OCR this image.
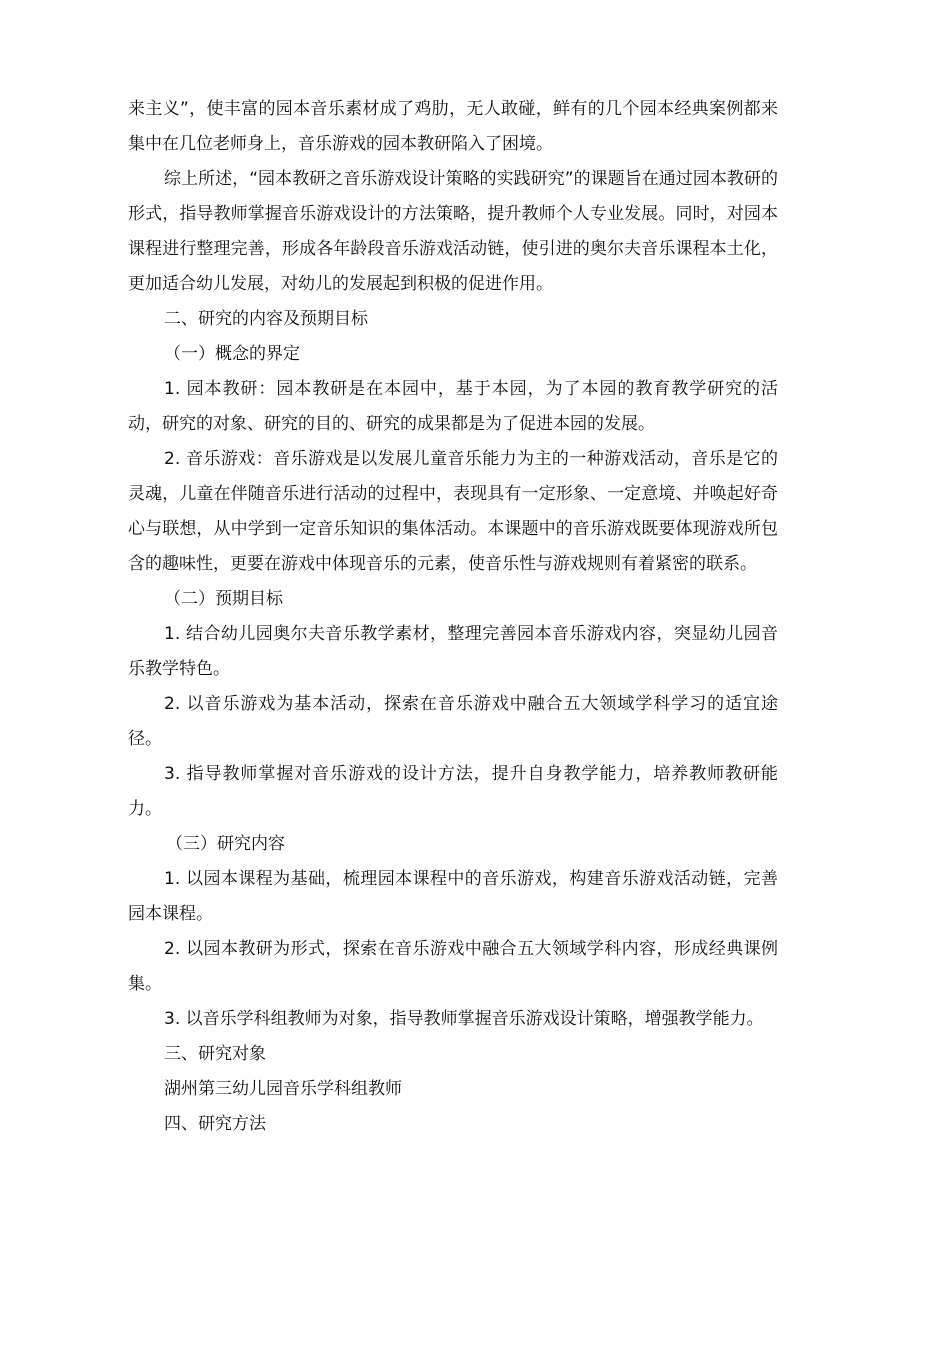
来主义”，使丰富的园本音乐素材成了鸡肋，无人敢碰，鲜有的几个园本经典案例都来集中在几位老师身上，音乐游戏的园本教研陷入了困境。

综上所述，“园本教研之音乐游戏设计策略的实践研究”的课题旨在通过园本教研的形式，指导教师掌握音乐游戏设计的方法策略，提升教师个人专业发展。同时，对园本课程进行整理完善，形成各年龄段音乐游戏活动链，使引进的奥尔夫音乐课程本土化，更加适合幼儿发展，对幼儿的发展起到积极的促进作用。

二、研究的内容及预期目标

（一）概念的界定

1. 园本教研：园本教研是在本园中，基于本园，为了本园的教育教学研究的活动，研究的对象、研究的目的、研究的成果都是为了促进本园的发展。

2. 音乐游戏：音乐游戏是以发展儿童音乐能力为主的一种游戏活动，音乐是它的灵魂，儿童在伴随音乐进行活动的过程中，表现具有一定形象、一定意境、并唤起好奇心与联想，从中学到一定音乐知识的集体活动。本课题中的音乐游戏既要体现游戏所包含的趣味性，更要在游戏中体现音乐的元素，使音乐性与游戏规则有着紧密的联系。

（二）预期目标

1. 结合幼儿园奥尔夫音乐教学素材，整理完善园本音乐游戏内容，突显幼儿园音乐教学特色。

2. 以音乐游戏为基本活动，探索在音乐游戏中融合五大领域学科学习的适宜途径。

3. 指导教师掌握对音乐游戏的设计方法，提升自身教学能力，培养教师教研能力。

（三）研究内容

1. 以园本课程为基础，梳理园本课程中的音乐游戏，构建音乐游戏活动链，完善园本课程。

2. 以园本教研为形式，探索在音乐游戏中融合五大领域学科内容，形成经典课例集。

3. 以音乐学科组教师为对象，指导教师掌握音乐游戏设计策略，增强教学能力。

三、研究对象

湖州第三幼儿园音乐学科组教师

四、研究方法
